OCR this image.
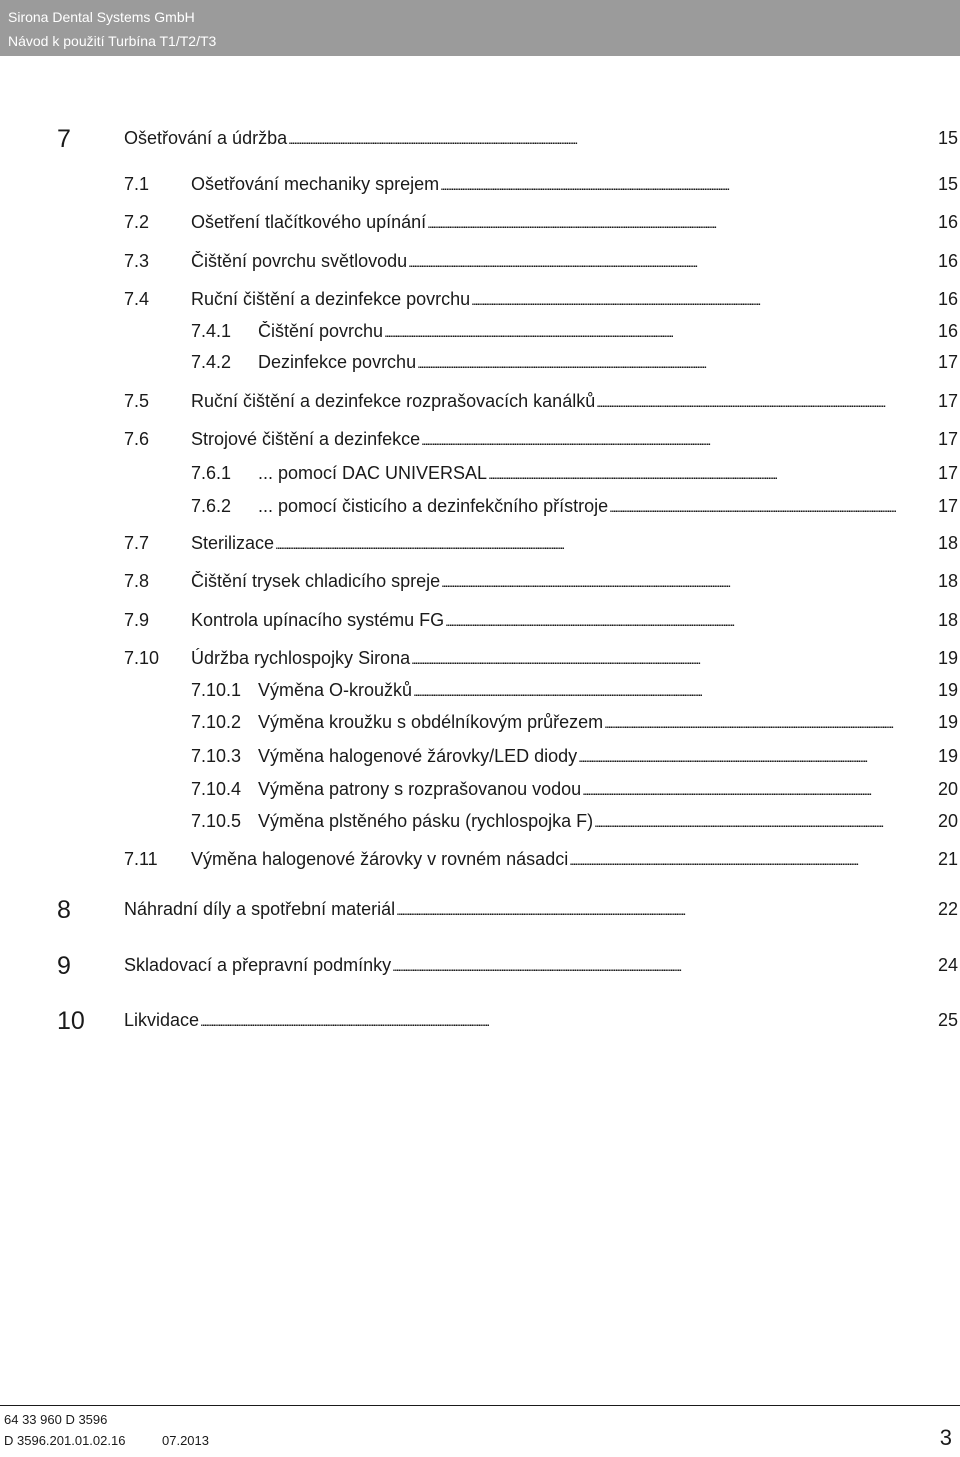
Sirona Dental Systems GmbH
Návod k použití Turbína T1/T2/T3
7	Ošetřování a údržba . . .	15
7.1 Ošetřování mechaniky sprejem . . .	15
7.2 Ošetření tlačítkového upínání . . .	16
7.3 Čištění povrchu světlovodu . . .	16
7.4 Ruční čištění a dezinfekce povrchu . . .	16
7.4.1 Čištění povrchu . . .	16
7.4.2 Dezinfekce povrchu . . .	17
7.5 Ruční čištění a dezinfekce rozprašovacích kanálků . . .	17
7.6 Strojové čištění a dezinfekce . . .	17
7.6.1 ... pomocí DAC UNIVERSAL . . .	17
7.6.2 ... pomocí čisticího a dezinfekčního přístroje . . .	17
7.7 Sterilizace . . .	18
7.8 Čištění trysek chladicího spreje . . .	18
7.9 Kontrola upínacího systému FG . . .	18
7.10 Údržba rychlospojky Sirona . . .	19
7.10.1 Výměna O-kroužků . . .	19
7.10.2 Výměna kroužku s obdélníkovým průřezem . . .	19
7.10.3 Výměna halogenové žárovky/LED diody . . .	19
7.10.4 Výměna patrony s rozprašovanou vodou . . .	20
7.10.5 Výměna plstěného pásku (rychlospojka F) . . .	20
7.11 Výměna halogenové žárovky v rovném násadci . . .	21
8	Náhradní díly a spotřební materiál . . .	22
9	Skladovací a přepravní podmínky . . .	24
10 Likvidace . . .	25
64 33 960 D 3596
D 3596.201.01.02.16	07.2013	3
